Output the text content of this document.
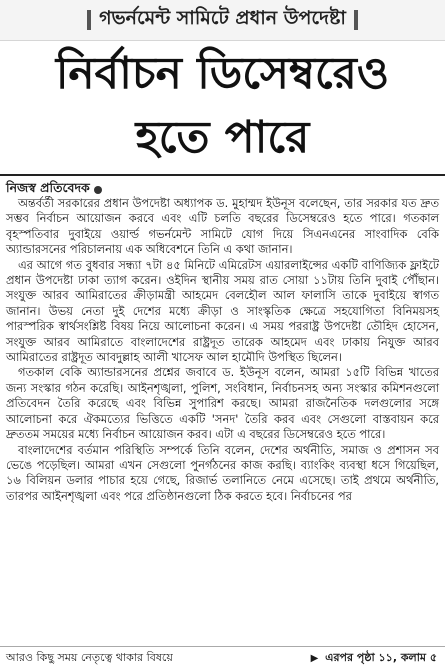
গভর্নমেন্ট সামিটে প্রধান উপদেষ্টা
নির্বাচন ডিসেম্বরেও
হতে পারে
নিজস্ব প্রতিবেদক

অন্তর্বর্তী সরকারের প্রধান উপদেষ্টা অধ্যাপক ড. মুহাম্মদ ইউনূস বলেছেন, তার সরকার যত দ্রুত সম্ভব নির্বাচন আয়োজন করবে এবং এটি চলতি বছরের ডিসেম্বরেও হতে পারে। গতকাল বৃহস্পতিবার দুবাইয়ে ওয়ার্ল্ড গভর্নমেন্ট সামিটে যোগ দিয়ে সিএনএনের সাংবাদিক বেকি অ্যান্ডারসনের পরিচালনায় এক অধিবেশনে তিনি এ কথা জানান।

এর আগে গত বুধবার সন্ধ্যা ৭টা ৪৫ মিনিটে এমিরেটস এয়ারলাইন্সের একটি বাণিজ্যিক ফ্লাইটে প্রধান উপদেষ্টা ঢাকা ত্যাগ করেন। ওইদিন স্থানীয় সময় রাত সোয়া ১১টায় তিনি দুবাই পৌঁছান। সংযুক্ত আরব আমিরাতের ক্রীড়ামন্ত্রী আহমেদ বেলহৌল আল ফালাসি তাকে দুবাইয়ে স্বাগত জানান। উভয় নেতা দুই দেশের মধ্যে ক্রীড়া ও সাংস্কৃতিক ক্ষেত্রে সহযোগিতা বিনিময়সহ পারস্পরিক স্বার্থসংশ্লিষ্ট বিষয় নিয়ে আলোচনা করেন। এ সময় পররাষ্ট্র উপদেষ্টা তৌহিদ হোসেন, সংযুক্ত আরব আমিরাতে বাংলাদেশের রাষ্ট্রদূত তারেক আহমেদ এবং ঢাকায় নিযুক্ত আরব আমিরাতের রাষ্ট্রদূত আবদুল্লাহ আলী খাসেফ আল হামৌদি উপস্থিত ছিলেন।

গতকাল বেকি অ্যান্ডারসনের প্রশ্নের জবাবে ড. ইউনূস বলেন, আমরা ১৫টি বিভিন্ন খাতের জন্য সংস্কার গঠন করেছি। আইনশৃঙ্খলা, পুলিশ, সংবিধান, নির্বাচনসহ অন্য সংস্কার কমিশনগুলো প্রতিবেদন তৈরি করেছে এবং বিভিন্ন সুপারিশ করছে। আমরা রাজনৈতিক দলগুলোর সঙ্গে আলোচনা করে ঐকমত্যের ভিত্তিতে একটি 'সনদ' তৈরি করব এবং সেগুলো বাস্তবায়ন করে দ্রুততম সময়ের মধ্যে নির্বাচন আয়োজন করব। এটা এ বছরের ডিসেম্বরেও হতে পারে।

বাংলাদেশের বর্তমান পরিস্থিতি সম্পর্কে তিনি বলেন, দেশের অর্থনীতি, সমাজ ও প্রশাসন সব ভেঙে পড়েছিল। আমরা এখন সেগুলো পুনর্গঠনের কাজ করছি। ব্যাংকিং ব্যবস্থা ধসে গিয়েছিল, ১৬ বিলিয়ন ডলার পাচার হয়ে গেছে, রিজার্ভ তলানিতে নেমে এসেছে। তাই প্রথমে অর্থনীতি, তারপর আইনশৃঙ্খলা এবং পরে প্রতিষ্ঠানগুলো ঠিক করতে হবে। নির্বাচনের পর

আরও কিছু সময় নেতৃত্বে থাকার বিষয়ে	▶ এরপর পৃষ্ঠা ১১, কলাম ৫
